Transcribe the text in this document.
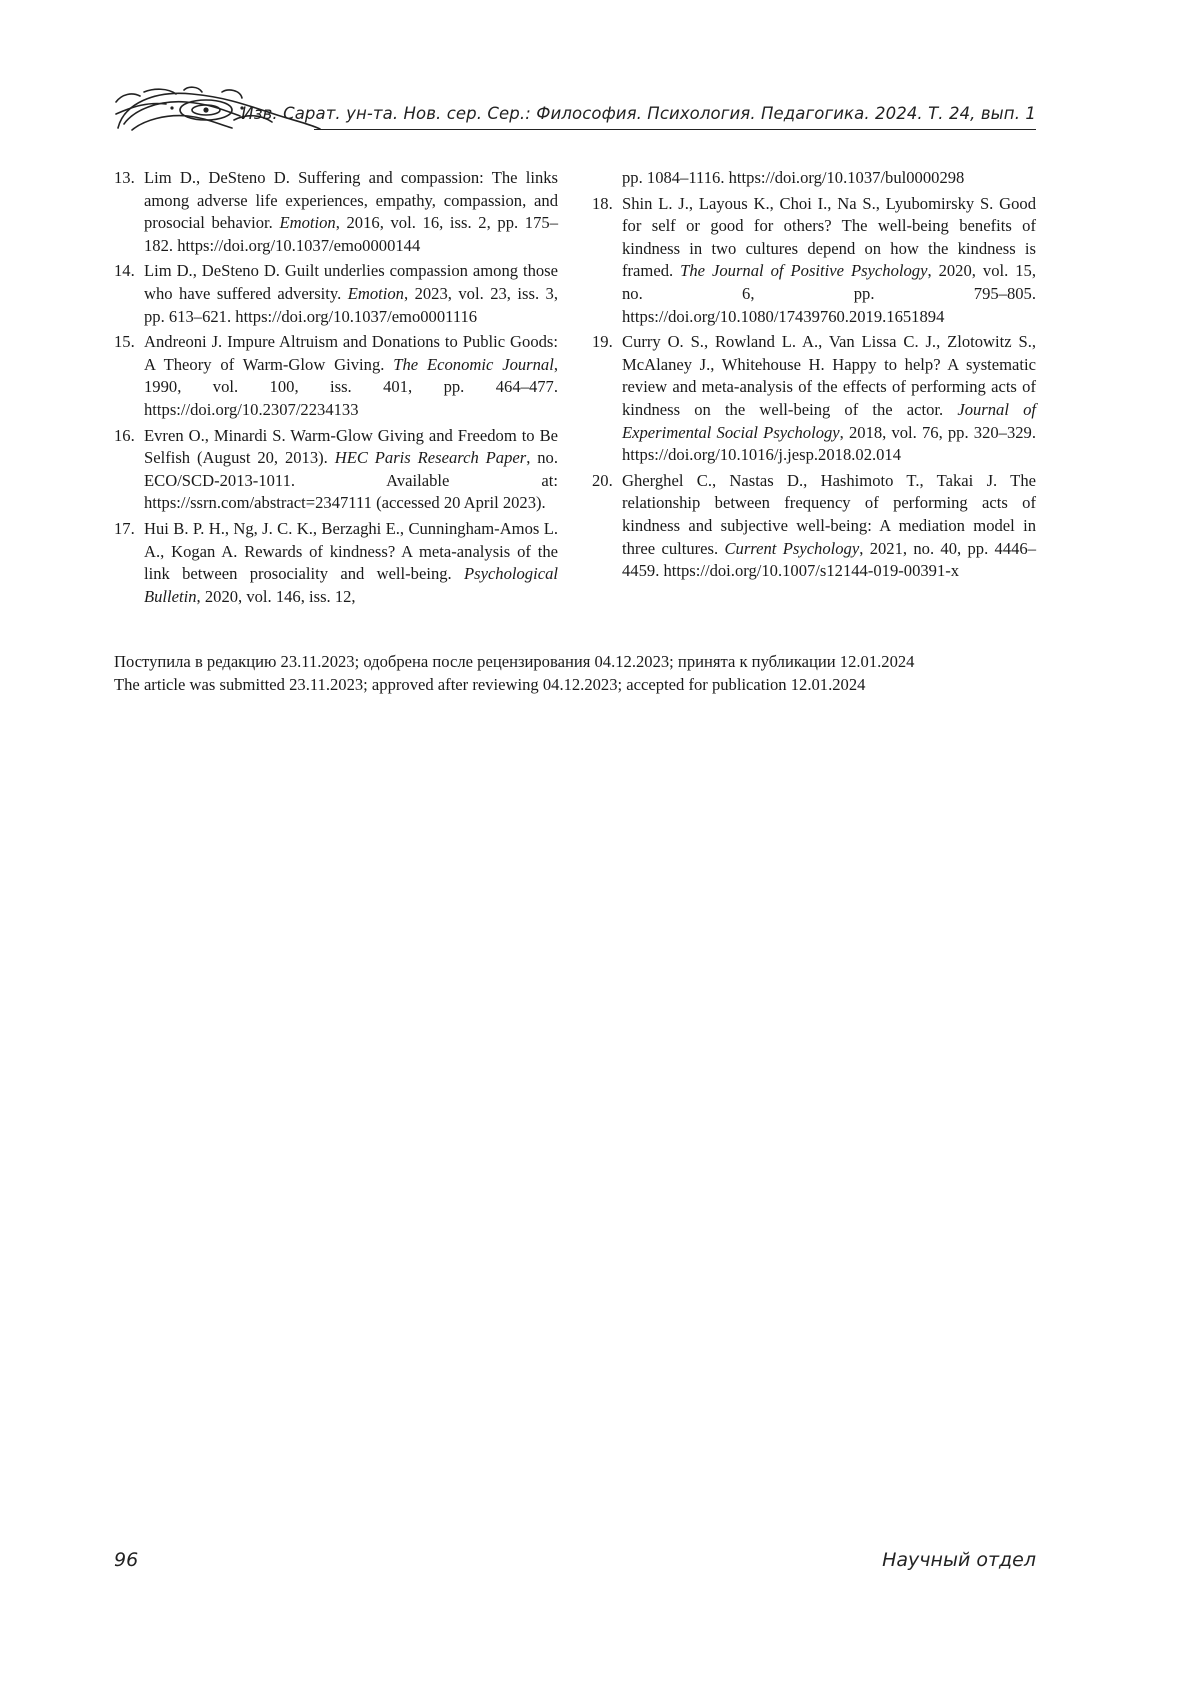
Изв. Сарат. ун-та. Нов. сер. Сер.: Философия. Психология. Педагогика. 2024. Т. 24, вып. 1
13. Lim D., DeSteno D. Suffering and compassion: The links among adverse life experiences, empathy, compassion, and prosocial behavior. Emotion, 2016, vol. 16, iss. 2, pp. 175–182. https://doi.org/10.1037/emo0000144
14. Lim D., DeSteno D. Guilt underlies compassion among those who have suffered adversity. Emotion, 2023, vol. 23, iss. 3, pp. 613–621. https://doi.org/10.1037/emo0001116
15. Andreoni J. Impure Altruism and Donations to Public Goods: A Theory of Warm-Glow Giving. The Economic Journal, 1990, vol. 100, iss. 401, pp. 464–477. https://doi.org/10.2307/2234133
16. Evren O., Minardi S. Warm-Glow Giving and Freedom to Be Selfish (August 20, 2013). HEC Paris Research Paper, no. ECO/SCD-2013-1011. Available at: https://ssrn.com/abstract=2347111 (accessed 20 April 2023).
17. Hui B. P. H., Ng, J. C. K., Berzaghi E., Cunningham-Amos L. A., Kogan A. Rewards of kindness? A meta-analysis of the link between prosociality and well-being. Psychological Bulletin, 2020, vol. 146, iss. 12,
pp. 1084–1116. https://doi.org/10.1037/bul0000298
18. Shin L. J., Layous K., Choi I., Na S., Lyubomirsky S. Good for self or good for others? The well-being benefits of kindness in two cultures depend on how the kindness is framed. The Journal of Positive Psychology, 2020, vol. 15, no. 6, pp. 795–805. https://doi.org/10.1080/17439760.2019.1651894
19. Curry O. S., Rowland L. A., Van Lissa C. J., Zlotowitz S., McAlaney J., Whitehouse H. Happy to help? A systematic review and meta-analysis of the effects of performing acts of kindness on the well-being of the actor. Journal of Experimental Social Psychology, 2018, vol. 76, pp. 320–329. https://doi.org/10.1016/j.jesp.2018.02.014
20. Gherghel C., Nastas D., Hashimoto T., Takai J. The relationship between frequency of performing acts of kindness and subjective well-being: A mediation model in three cultures. Current Psychology, 2021, no. 40, pp. 4446–4459. https://doi.org/10.1007/s12144-019-00391-x
Поступила в редакцию 23.11.2023; одобрена после рецензирования 04.12.2023; принята к публикации 12.01.2024
The article was submitted 23.11.2023; approved after reviewing 04.12.2023; accepted for publication 12.01.2024
96	Научный отдел
